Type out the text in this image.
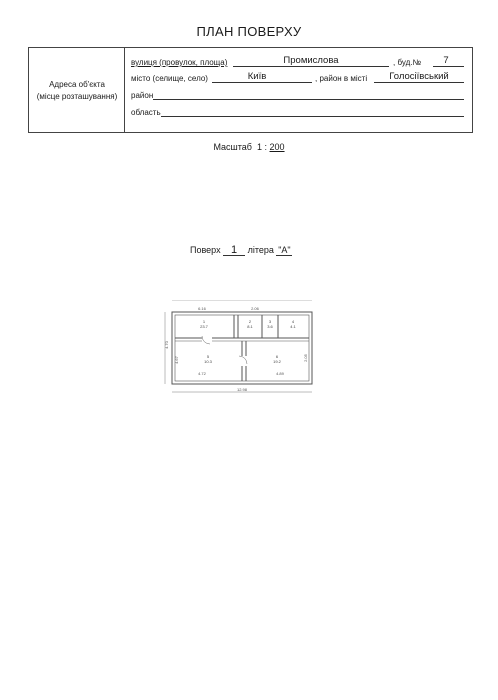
ПЛАН ПОВЕРХУ
Адреса об'єкта
(місце розташування)
вулиця (провулок, площа)	Промислова	, буд.№	7
місто (селище, село)	Київ	, район в місті	Голосіївський
район
область
Масштаб 1 : 200
Поверх 1 літера "А"
6.16	2.06
4.72	4.89
12.98
4.70
4.67	2.05
1
23.7
2
8.1
3
3.6
4
4.1
5
10.3
6
19.2
